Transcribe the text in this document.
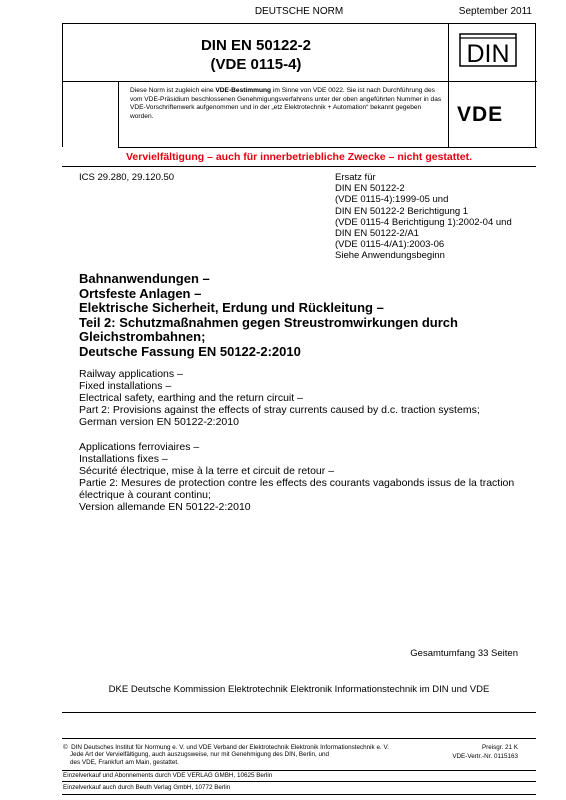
DEUTSCHE NORM	September 2011
DIN EN 50122-2
(VDE 0115-4)	DIN
Diese Norm ist zugleich eine VDE-Bestimmung im Sinne von VDE 0022. Sie ist nach Durchführung des vom VDE-Präsidium beschlossenen Genehmigungsverfahrens unter der oben angeführten Nummer in das VDE-Vorschriftenwerk aufgenommen und in der „etz Elektrotechnik + Automation“ bekannt gegeben worden.	VDE
Vervielfältigung – auch für innerbetriebliche Zwecke – nicht gestattet.
ICS 29.280, 29.120.50	Ersatz für
DIN EN 50122-2
(VDE 0115-4):1999-05 und
DIN EN 50122-2 Berichtigung 1
(VDE 0115-4 Berichtigung 1):2002-04 und
DIN EN 50122-2/A1
(VDE 0115-4/A1):2003-06
Siehe Anwendungsbeginn
Bahnanwendungen –
Ortsfeste Anlagen –
Elektrische Sicherheit, Erdung und Rückleitung –
Teil 2: Schutzmaßnahmen gegen Streustromwirkungen durch
Gleichstrombahnen;
Deutsche Fassung EN 50122-2:2010
Railway applications –
Fixed installations –
Electrical safety, earthing and the return circuit –
Part 2: Provisions against the effects of stray currents caused by d.c. traction systems;
German version EN 50122-2:2010
Applications ferroviaires –
Installations fixes –
Sécurité électrique, mise à la terre et circuit de retour –
Partie 2: Mesures de protection contre les effects des courants vagabonds issus de la traction
électrique à courant continu;
Version allemande EN 50122-2:2010
Gesamtumfang 33 Seiten
DKE Deutsche Kommission Elektrotechnik Elektronik Informationstechnik im DIN und VDE
©  DIN Deutsches Institut für Normung e. V. und VDE Verband der Elektrotechnik Elektronik Informationstechnik e. V.
Jede Art der Vervielfältigung, auch auszugsweise, nur mit Genehmigung des DIN, Berlin, und
des VDE, Frankfurt am Main, gestattet.
Preisgr. 21 K
VDE-Vertr.-Nr. 0115163
Einzelverkauf und Abonnements durch VDE VERLAG GMBH, 10625 Berlin
Einzelverkauf auch durch Beuth Verlag GmbH, 10772 Berlin
